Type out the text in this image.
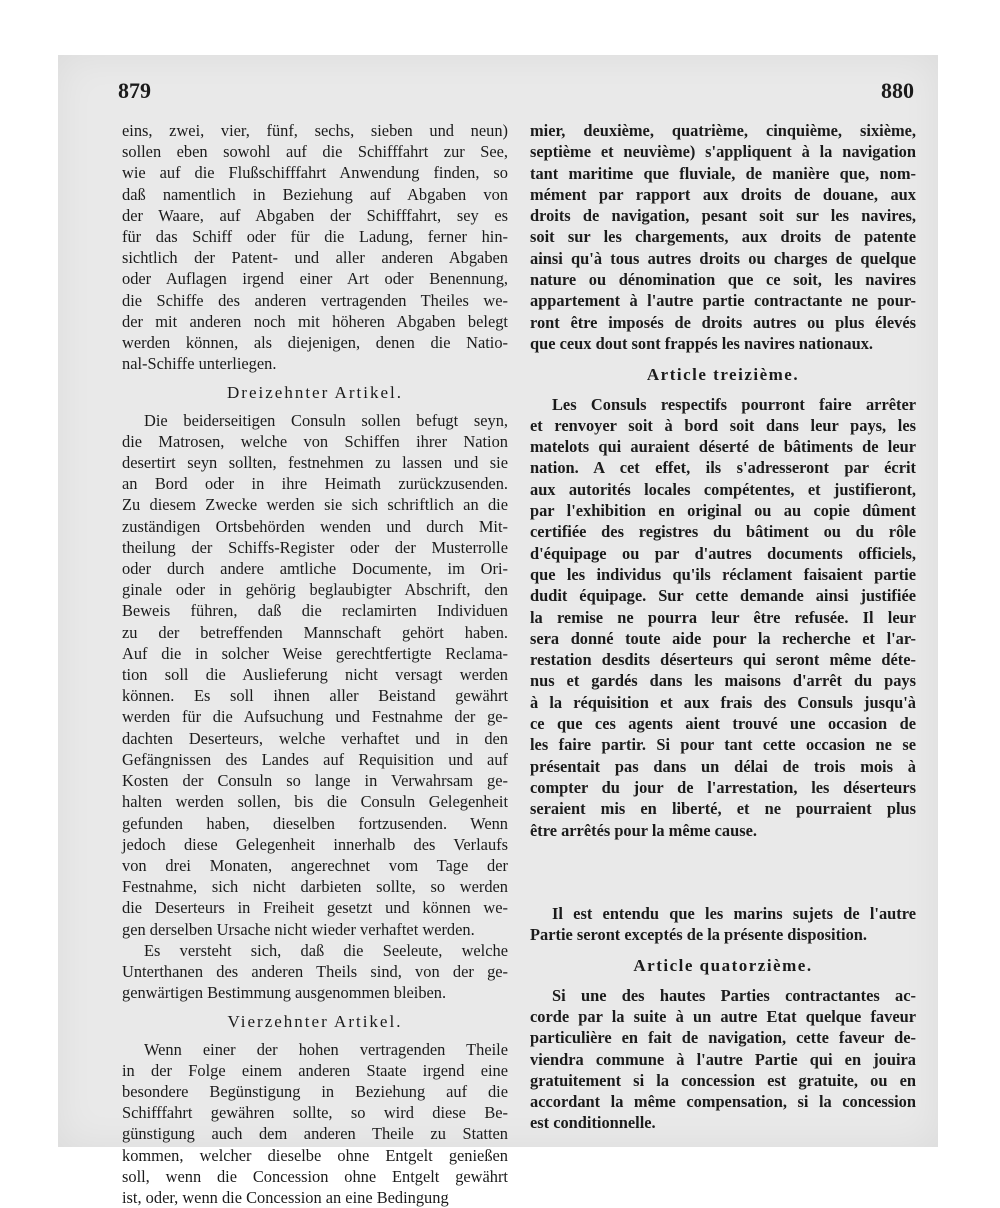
879	880
eins, zwei, vier, fünf, sechs, sieben und neun)
sollen eben sowohl auf die Schifffahrt zur See,
wie auf die Flußschifffahrt Anwendung finden, so
daß namentlich in Beziehung auf Abgaben von
der Waare, auf Abgaben der Schifffahrt, sey es
für das Schiff oder für die Ladung, ferner hin-
sichtlich der Patent- und aller anderen Abgaben
oder Auflagen irgend einer Art oder Benennung,
die Schiffe des anderen vertragenden Theiles we-
der mit anderen noch mit höheren Abgaben belegt
werden können, als diejenigen, denen die Natio-
nal-Schiffe unterliegen.
Dreizehnter Artikel.
Die beiderseitigen Consuln sollen befugt seyn,
die Matrosen, welche von Schiffen ihrer Nation
desertirt seyn sollten, festnehmen zu lassen und sie
an Bord oder in ihre Heimath zurückzusenden.
Zu diesem Zwecke werden sie sich schriftlich an die
zuständigen Ortsbehörden wenden und durch Mit-
theilung der Schiffs-Register oder der Musterrolle
oder durch andere amtliche Documente, im Ori-
ginale oder in gehörig beglaubigter Abschrift, den
Beweis führen, daß die reclamirten Individuen
zu der betreffenden Mannschaft gehört haben.
Auf die in solcher Weise gerechtfertigte Reclama-
tion soll die Auslieferung nicht versagt werden
können. Es soll ihnen aller Beistand gewährt
werden für die Aufsuchung und Festnahme der ge-
dachten Deserteurs, welche verhaftet und in den
Gefängnissen des Landes auf Requisition und auf
Kosten der Consuln so lange in Verwahrsam ge-
halten werden sollen, bis die Consuln Gelegenheit
gefunden haben, dieselben fortzusenden. Wenn
jedoch diese Gelegenheit innerhalb des Verlaufs
von drei Monaten, angerechnet vom Tage der
Festnahme, sich nicht darbieten sollte, so werden
die Deserteurs in Freiheit gesetzt und können we-
gen derselben Ursache nicht wieder verhaftet werden.
Es versteht sich, daß die Seeleute, welche
Unterthanen des anderen Theils sind, von der ge-
genwärtigen Bestimmung ausgenommen bleiben.
Vierzehnter Artikel.
Wenn einer der hohen vertragenden Theile
in der Folge einem anderen Staate irgend eine
besondere Begünstigung in Beziehung auf die
Schifffahrt gewähren sollte, so wird diese Be-
günstigung auch dem anderen Theile zu Statten
kommen, welcher dieselbe ohne Entgelt genießen
soll, wenn die Concession ohne Entgelt gewährt
ist, oder, wenn die Concession an eine Bedingung
mier, deuxième, quatrième, cinquième, sixième,
septième et neuvième) s'appliquent à la navigation
tant maritime que fluviale, de manière que, nom-
mément par rapport aux droits de douane, aux
droits de navigation, pesant soit sur les navires,
soit sur les chargements, aux droits de patente
ainsi qu'à tous autres droits ou charges de quelque
nature ou dénomination que ce soit, les navires
appartement à l'autre partie contractante ne pour-
ront être imposés de droits autres ou plus élevés
que ceux dout sont frappés les navires nationaux.
Article treizième.
Les Consuls respectifs pourront faire arrêter
et renvoyer soit à bord soit dans leur pays, les
matelots qui auraient déserté de bâtiments de leur
nation. A cet effet, ils s'adresseront par écrit
aux autorités locales compétentes, et justifieront,
par l'exhibition en original ou au copie dûment
certifiée des registres du bâtiment ou du rôle
d'équipage ou par d'autres documents officiels,
que les individus qu'ils réclament faisaient partie
dudit équipage. Sur cette demande ainsi justifiée
la remise ne pourra leur être refusée. Il leur
sera donné toute aide pour la recherche et l'ar-
restation desdits déserteurs qui seront même déte-
nus et gardés dans les maisons d'arrêt du pays
à la réquisition et aux frais des Consuls jusqu'à
ce que ces agents aient trouvé une occasion de
les faire partir. Si pour tant cette occasion ne se
présentait pas dans un délai de trois mois à
compter du jour de l'arrestation, les déserteurs
seraient mis en liberté, et ne pourraient plus
être arrêtés pour la même cause.
Il est entendu que les marins sujets de l'autre
Partie seront exceptés de la présente disposition.
Article quatorzième.
Si une des hautes Parties contractantes ac-
corde par la suite à un autre Etat quelque faveur
particulière en fait de navigation, cette faveur de-
viendra commune à l'autre Partie qui en jouira
gratuitement si la concession est gratuite, ou en
accordant la même compensation, si la concession
est conditionnelle.
